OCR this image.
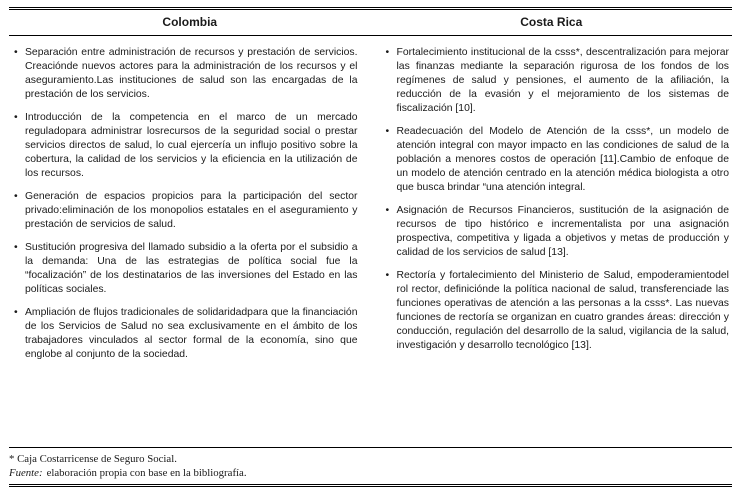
Colombia	Costa Rica
• Separación entre administración de recursos y prestación de servicios. Creaciónde nuevos actores para la administración de los recursos y el aseguramiento.Las instituciones de salud son las encargadas de la prestación de los servicios.
• Introducción de la competencia en el marco de un mercado reguladopara administrar losrecursos de la seguridad social o prestar servicios directos de salud, lo cual ejercería un influjo positivo sobre la cobertura, la calidad de los servicios y la eficiencia en la utilización de los recursos.
• Generación de espacios propicios para la participación del sector privado:eliminación de los monopolios estatales en el aseguramiento y prestación de servicios de salud.
• Sustitución progresiva del llamado subsidio a la oferta por el subsidio a la demanda: Una de las estrategias de política social fue la “focalización” de los destinatarios de las inversiones del Estado en las políticas sociales.
• Ampliación de flujos tradicionales de solidaridadpara que la financiación de los Servicios de Salud no sea exclusivamente en el ámbito de los trabajadores vinculados al sector formal de la economía, sino que englobe al conjunto de la sociedad.
• Fortalecimiento institucional de la csss*, descentralización para mejorar las finanzas mediante la separación rigurosa de los fondos de los regímenes de salud y pensiones, el aumento de la afiliación, la reducción de la evasión y el mejoramiento de los sistemas de fiscalización [10].
• Readecuación del Modelo de Atención de la csss*, un modelo de atención integral con mayor impacto en las condiciones de salud de la población a menores costos de operación [11].Cambio de enfoque de un modelo de atención centrado en la atención médica biologista a otro que busca brindar “una atención integral.
• Asignación de Recursos Financieros, sustitución de la asignación de recursos de tipo histórico e incrementalista por una asignación prospectiva, competitiva y ligada a objetivos y metas de producción y calidad de los servicios de salud [13].
• Rectoría y fortalecimiento del Ministerio de Salud, empoderamientodel rol rector, definiciónde la política nacional de salud, transferenciade las funciones operativas de atención a las personas a la csss*. Las nuevas funciones de rectoría se organizan en cuatro grandes áreas: dirección y conducción, regulación del desarrollo de la salud, vigilancia de la salud, investigación y desarrollo tecnológico [13].
* Caja Costarricense de Seguro Social.
Fuente: elaboración propia con base en la bibliografía.
